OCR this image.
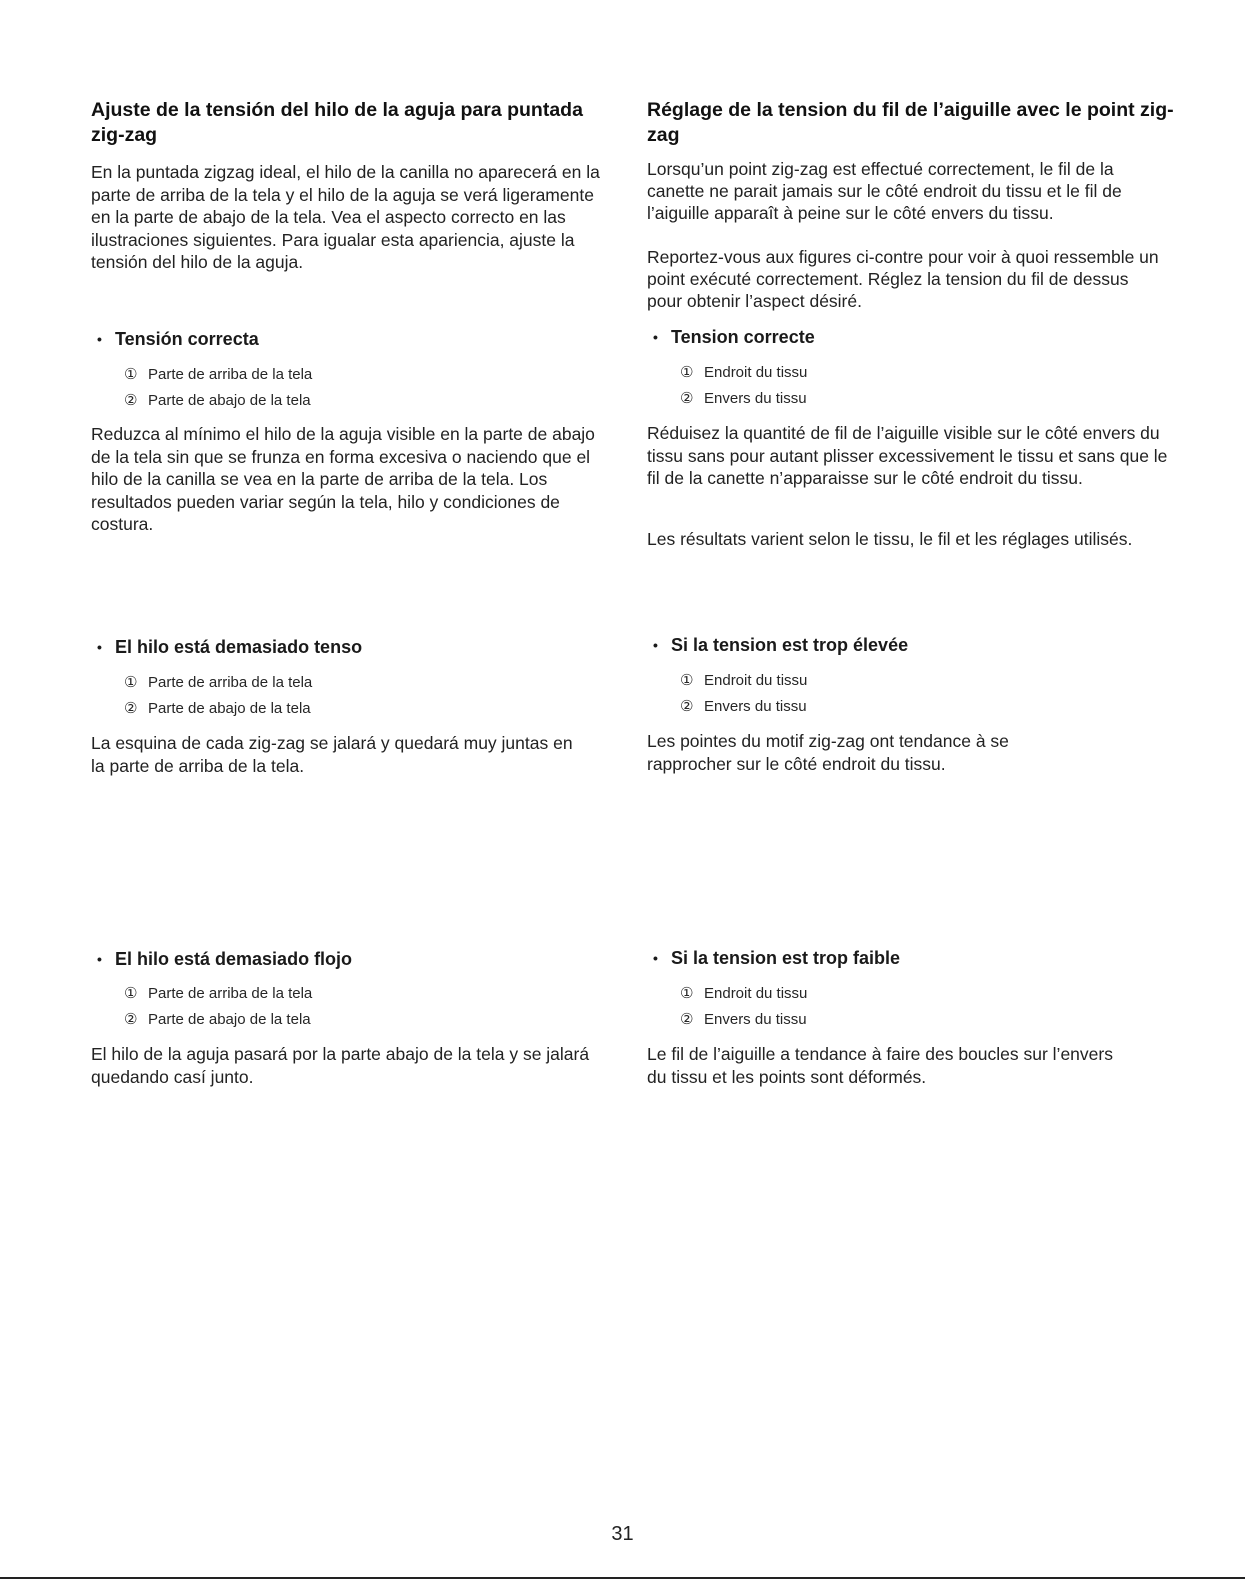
Ajuste de la tensión del hilo de la aguja para puntada zig-zag
En la puntada zigzag ideal, el hilo de la canilla no aparecerá en la parte de arriba de la tela y el hilo de la aguja se verá ligeramente en la parte de abajo de la tela. Vea el aspecto correcto en las ilustraciones siguientes. Para igualar esta apariencia, ajuste la tensión del hilo de la aguja.
• Tensión correcta
① Parte de arriba de la tela
② Parte de abajo de la tela
Reduzca al mínimo el hilo de la aguja visible en la parte de abajo de la tela sin que se frunza en forma excesiva o naciendo que el hilo de la canilla se vea en la parte de arriba de la tela. Los resultados pueden variar según la tela, hilo y condiciones de costura.
• El hilo está demasiado tenso
① Parte de arriba de la tela
② Parte de abajo de la tela
La esquina de cada zig-zag se jalará y quedará muy juntas en la parte de arriba de la tela.
• El hilo está demasiado flojo
① Parte de arriba de la tela
② Parte de abajo de la tela
El hilo de la aguja pasará por la parte abajo de la tela y se jalará quedando casí junto.
Réglage de la tension du fil de l’aiguille avec le point zig-zag
Lorsqu’un point zig-zag est effectué correctement, le fil de la canette ne parait jamais sur le côté endroit du tissu et le fil de l’aiguille apparaît à peine sur le côté envers du tissu.
Reportez-vous aux figures ci-contre pour voir à quoi ressemble un point exécuté correctement. Réglez la tension du fil de dessus pour obtenir l’aspect désiré.
• Tension correcte
① Endroit du tissu
② Envers du tissu
Réduisez la quantité de fil de l’aiguille visible sur le côté envers du tissu sans pour autant plisser excessivement le tissu et sans que le fil de la canette n’apparaisse sur le côté endroit du tissu.
Les résultats varient selon le tissu, le fil et les réglages utilisés.
• Si la tension est trop élevée
① Endroit du tissu
② Envers du tissu
Les pointes du motif zig-zag ont tendance à se rapprocher sur le côté endroit du tissu.
• Si la tension est trop faible
① Endroit du tissu
② Envers du tissu
Le fil de l’aiguille a tendance à faire des boucles sur l’envers du tissu et les points sont déformés.
31
